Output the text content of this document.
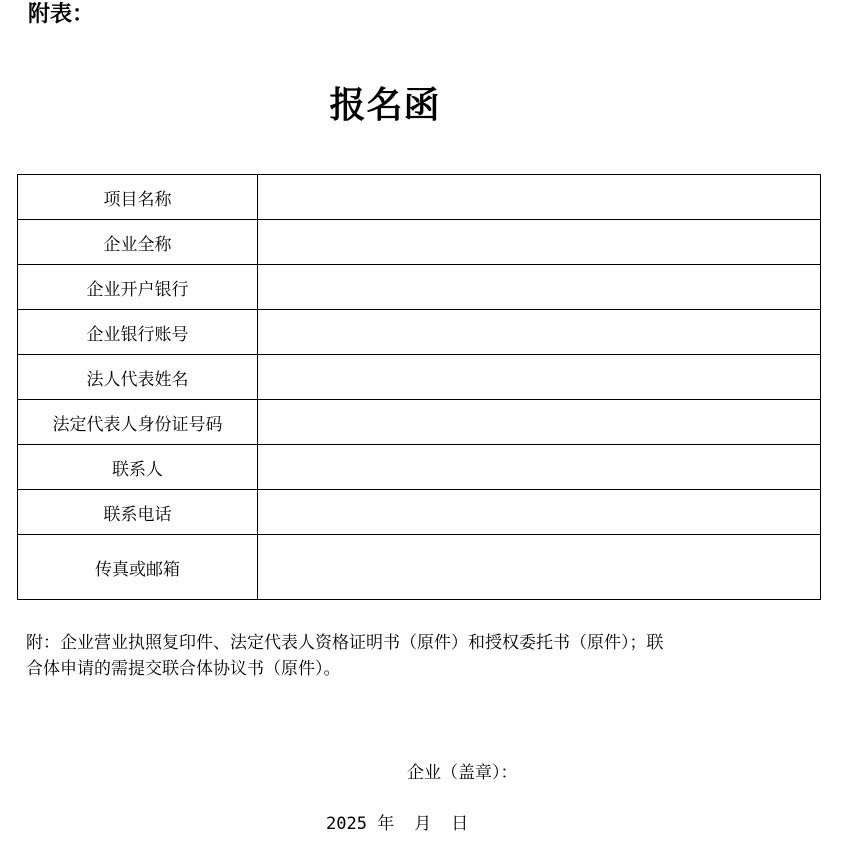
附表：
报名函
项目名称	
企业全称	
企业开户银行	
企业银行账号	
法人代表姓名	
法定代表人身份证号码	
联系人	
联系电话	
传真或邮箱	
附：企业营业执照复印件、法定代表人资格证明书（原件）和授权委托书（原件）；联
合体申请的需提交联合体协议书（原件）。
企业（盖章）：
2025 年 月 日
